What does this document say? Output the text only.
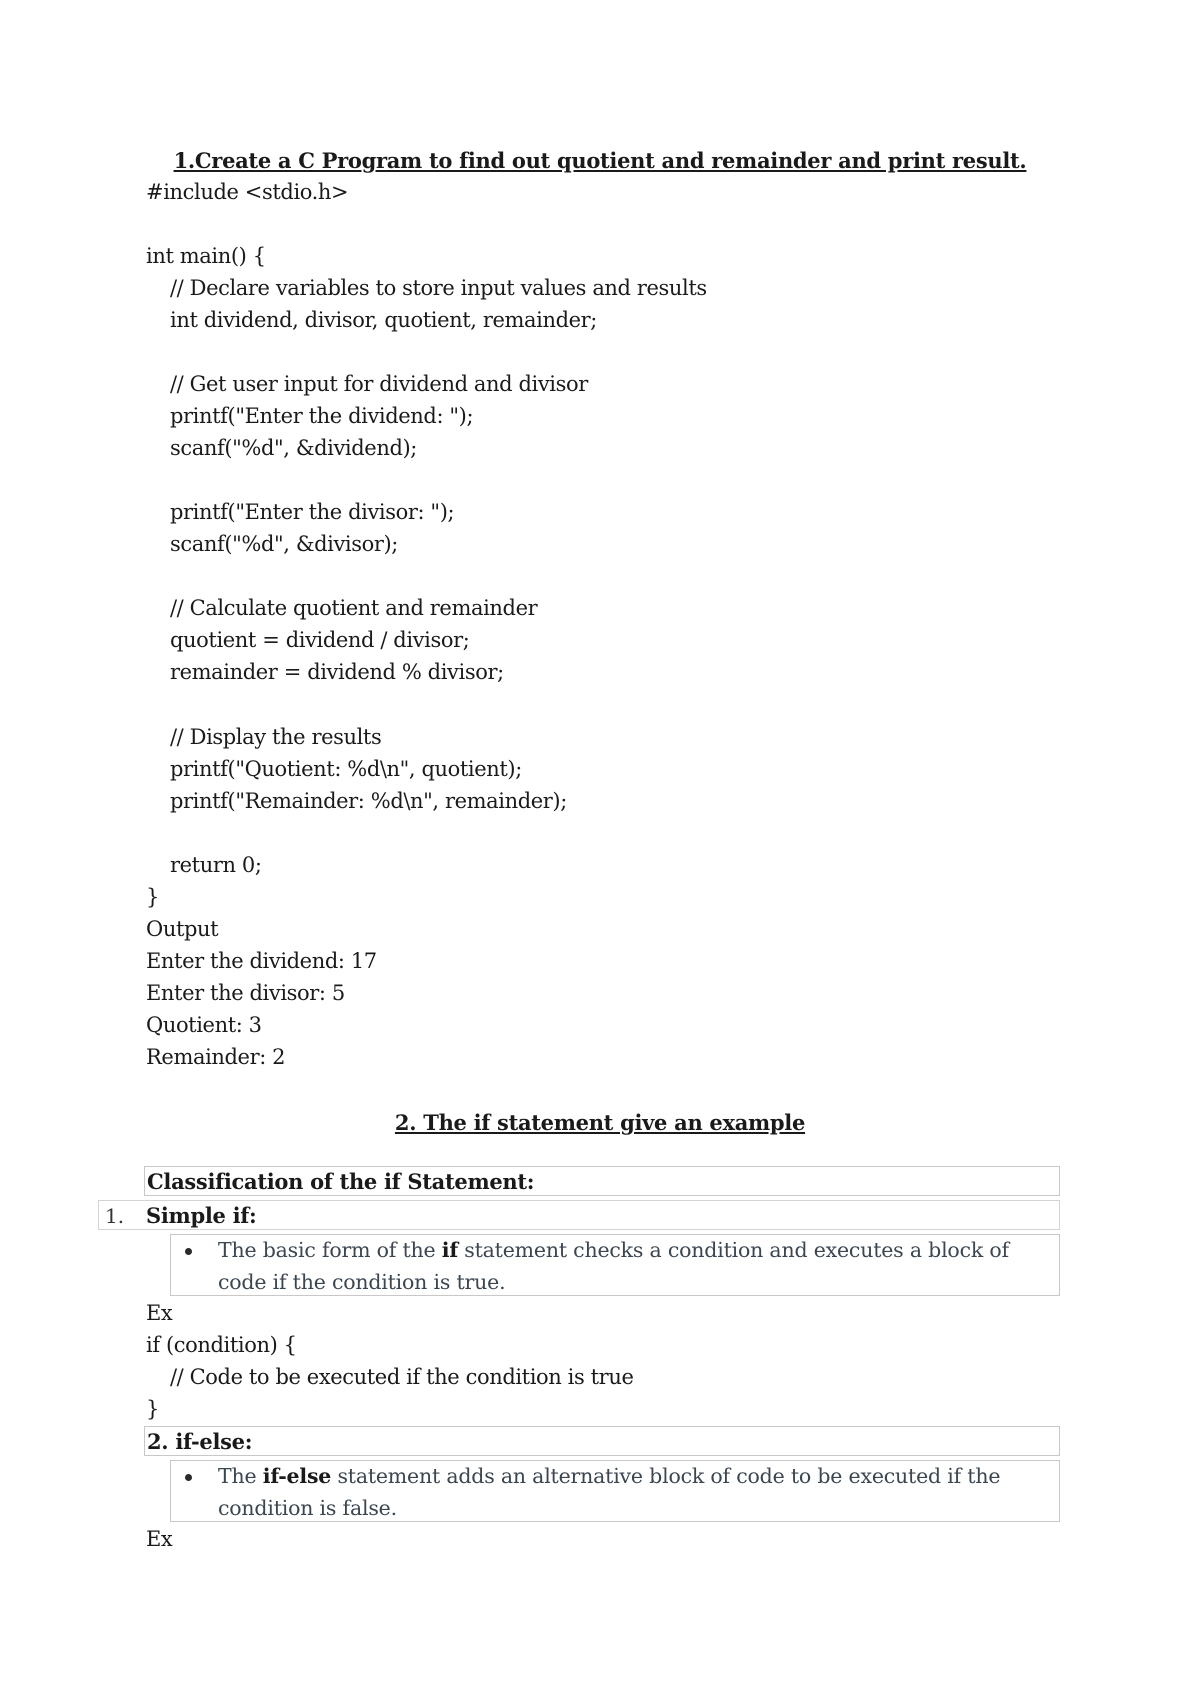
1.Create a C Program to find out quotient and remainder and print result.
#include <stdio.h>
int main() {
// Declare variables to store input values and results
int dividend, divisor, quotient, remainder;
// Get user input for dividend and divisor
printf("Enter the dividend: ");
scanf("%d", &dividend);
printf("Enter the divisor: ");
scanf("%d", &divisor);
// Calculate quotient and remainder
quotient = dividend / divisor;
remainder = dividend % divisor;
// Display the results
printf("Quotient: %d\n", quotient);
printf("Remainder: %d\n", remainder);
return 0;
}
Output
Enter the dividend: 17
Enter the divisor: 5
Quotient: 3
Remainder: 2
2. The if statement give an example
Classification of the if Statement:
1. Simple if:
The basic form of the if statement checks a condition and executes a block of code if the condition is true.
Ex
if (condition) {
// Code to be executed if the condition is true
}
2. if-else:
The if-else statement adds an alternative block of code to be executed if the condition is false.
Ex
